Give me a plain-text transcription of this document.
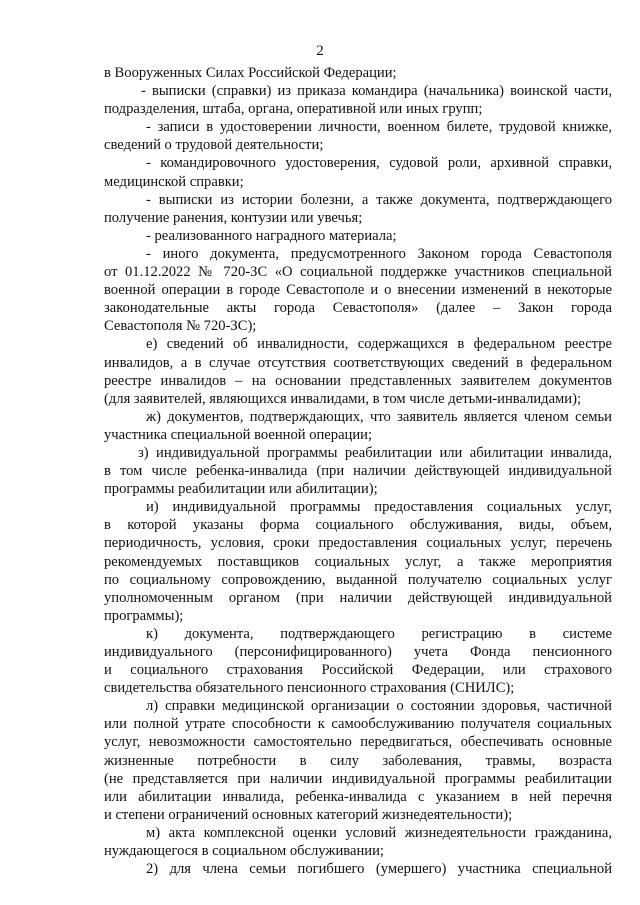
2
в Вооруженных Силах Российской Федерации;
- выписки (справки) из приказа командира (начальника) воинской части,
подразделения, штаба, органа, оперативной или иных групп;
- записи в удостоверении личности, военном билете, трудовой книжке,
сведений о трудовой деятельности;
- командировочного удостоверения, судовой роли, архивной справки,
медицинской справки;
- выписки из истории болезни, а также документа, подтверждающего
получение ранения, контузии или увечья;
- реализованного наградного материала;
- иного документа, предусмотренного Законом города Севастополя
от 01.12.2022 № 720-ЗС «О социальной поддержке участников специальной
военной операции в городе Севастополе и о внесении изменений в некоторые
законодательные акты города Севастополя» (далее – Закон города
Севастополя № 720-ЗС);
е) сведений об инвалидности, содержащихся в федеральном реестре
инвалидов, а в случае отсутствия соответствующих сведений в федеральном
реестре инвалидов – на основании представленных заявителем документов
(для заявителей, являющихся инвалидами, в том числе детьми-инвалидами);
ж) документов, подтверждающих, что заявитель является членом семьи
участника специальной военной операции;
з) индивидуальной программы реабилитации или абилитации инвалида,
в том числе ребенка-инвалида (при наличии действующей индивидуальной
программы реабилитации или абилитации);
и) индивидуальной программы предоставления социальных услуг,
в которой указаны форма социального обслуживания, виды, объем,
периодичность, условия, сроки предоставления социальных услуг, перечень
рекомендуемых поставщиков социальных услуг, а также мероприятия
по социальному сопровождению, выданной получателю социальных услуг
уполномоченным органом (при наличии действующей индивидуальной
программы);
к) документа, подтверждающего регистрацию в системе
индивидуального (персонифицированного) учета Фонда пенсионного
и социального страхования Российской Федерации, или страхового
свидетельства обязательного пенсионного страхования (СНИЛС);
л) справки медицинской организации о состоянии здоровья, частичной
или полной утрате способности к самообслуживанию получателя социальных
услуг, невозможности самостоятельно передвигаться, обеспечивать основные
жизненные потребности в силу заболевания, травмы, возраста
(не представляется при наличии индивидуальной программы реабилитации
или абилитации инвалида, ребенка-инвалида с указанием в ней перечня
и степени ограничений основных категорий жизнедеятельности);
м) акта комплексной оценки условий жизнедеятельности гражданина,
нуждающегося в социальном обслуживании;
2) для члена семьи погибшего (умершего) участника специальной
